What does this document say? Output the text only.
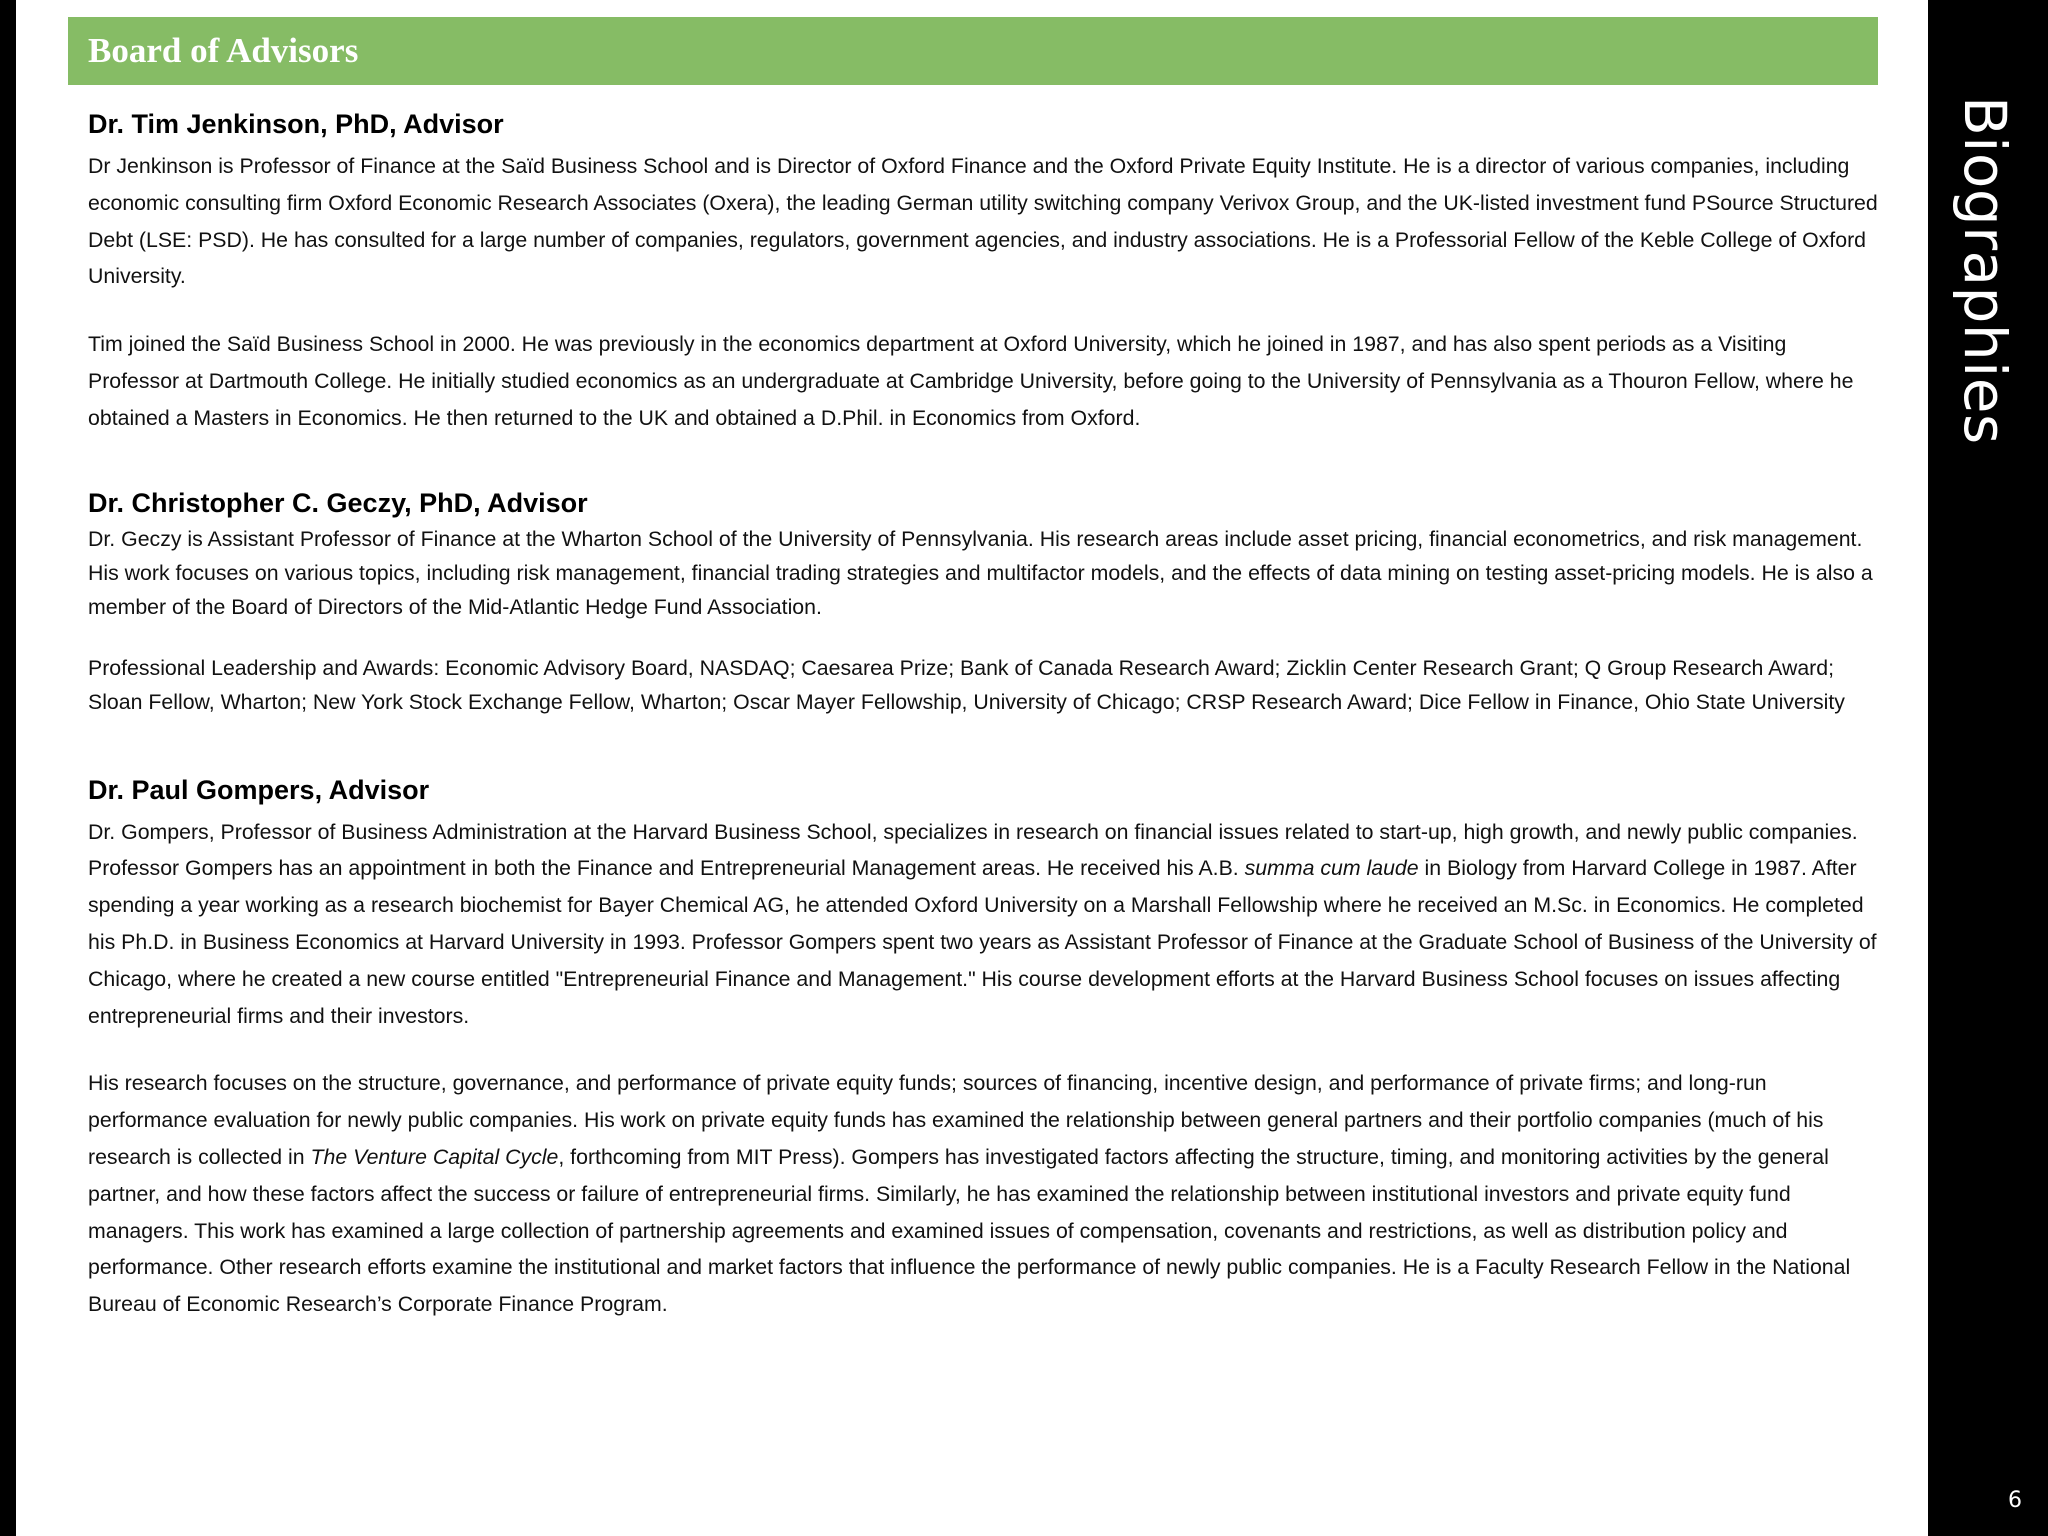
Board of Advisors
Dr. Tim Jenkinson, PhD, Advisor

Dr Jenkinson is Professor of Finance at the Saïd Business School and is Director of Oxford Finance and the Oxford Private Equity Institute. He is a director of various companies, including economic consulting firm Oxford Economic Research Associates (Oxera), the leading German utility switching company Verivox Group, and the UK-listed investment fund PSource Structured Debt (LSE: PSD). He has consulted for a large number of companies, regulators, government agencies, and industry associations. He is a Professorial Fellow of the Keble College of Oxford University.

Tim joined the Saïd Business School in 2000. He was previously in the economics department at Oxford University, which he joined in 1987, and has also spent periods as a Visiting Professor at Dartmouth College. He initially studied economics as an undergraduate at Cambridge University, before going to the University of Pennsylvania as a Thouron Fellow, where he obtained a Masters in Economics. He then returned to the UK and obtained a D.Phil. in Economics from Oxford.

Dr. Christopher C. Geczy, PhD, Advisor

Dr. Geczy is Assistant Professor of Finance at the Wharton School of the University of Pennsylvania. His research areas include asset pricing, financial econometrics, and risk management. His work focuses on various topics, including risk management, financial trading strategies and multifactor models, and the effects of data mining on testing asset-pricing models. He is also a member of the Board of Directors of the Mid-Atlantic Hedge Fund Association.

Professional Leadership and Awards: Economic Advisory Board, NASDAQ; Caesarea Prize; Bank of Canada Research Award; Zicklin Center Research Grant; Q Group Research Award; Sloan Fellow, Wharton; New York Stock Exchange Fellow, Wharton; Oscar Mayer Fellowship, University of Chicago; CRSP Research Award; Dice Fellow in Finance, Ohio State University

Dr. Paul Gompers, Advisor

Dr. Gompers, Professor of Business Administration at the Harvard Business School, specializes in research on financial issues related to start-up, high growth, and newly public companies. Professor Gompers has an appointment in both the Finance and Entrepreneurial Management areas. He received his A.B. summa cum laude in Biology from Harvard College in 1987. After spending a year working as a research biochemist for Bayer Chemical AG, he attended Oxford University on a Marshall Fellowship where he received an M.Sc. in Economics. He completed his Ph.D. in Business Economics at Harvard University in 1993. Professor Gompers spent two years as Assistant Professor of Finance at the Graduate School of Business of the University of Chicago, where he created a new course entitled "Entrepreneurial Finance and Management." His course development efforts at the Harvard Business School focuses on issues affecting entrepreneurial firms and their investors.

His research focuses on the structure, governance, and performance of private equity funds; sources of financing, incentive design, and performance of private firms; and long-run performance evaluation for newly public companies. His work on private equity funds has examined the relationship between general partners and their portfolio companies (much of his research is collected in The Venture Capital Cycle, forthcoming from MIT Press). Gompers has investigated factors affecting the structure, timing, and monitoring activities by the general partner, and how these factors affect the success or failure of entrepreneurial firms. Similarly, he has examined the relationship between institutional investors and private equity fund managers. This work has examined a large collection of partnership agreements and examined issues of compensation, covenants and restrictions, as well as distribution policy and performance. Other research efforts examine the institutional and market factors that influence the performance of newly public companies. He is a Faculty Research Fellow in the National Bureau of Economic Research’s Corporate Finance Program.

Biographies
6
